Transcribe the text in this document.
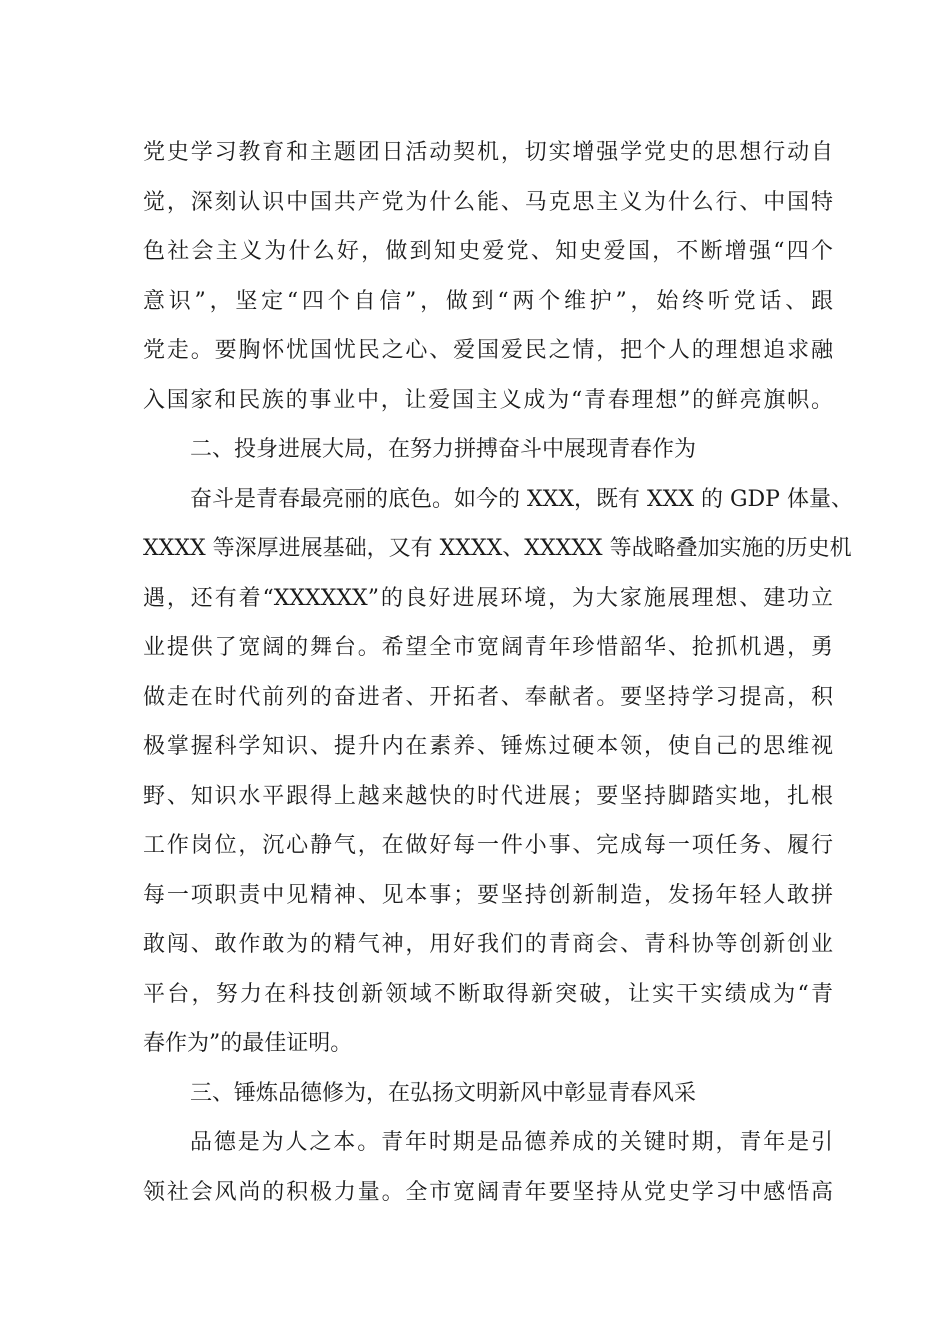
党史学习教育和主题团日活动契机，切实增强学党史的思想行动自
觉，深刻认识中国共产党为什么能、马克思主义为什么行、中国特
色社会主义为什么好，做到知史爱党、知史爱国，不断增强“四个
意识”，坚定“四个自信”，做到“两个维护”，始终听党话、跟
党走。要胸怀忧国忧民之心、爱国爱民之情，把个人的理想追求融
入国家和民族的事业中，让爱国主义成为“青春理想”的鲜亮旗帜。
二、投身进展大局，在努力拼搏奋斗中展现青春作为
奋斗是青春最亮丽的底色。如今的 XXX，既有 XXX 的 GDP 体量、
XXXX 等深厚进展基础，又有 XXXX、XXXXX 等战略叠加实施的历史机
遇，还有着“XXXXXX”的良好进展环境，为大家施展理想、建功立
业提供了宽阔的舞台。希望全市宽阔青年珍惜韶华、抢抓机遇，勇
做走在时代前列的奋进者、开拓者、奉献者。要坚持学习提高，积
极掌握科学知识、提升内在素养、锤炼过硬本领，使自己的思维视
野、知识水平跟得上越来越快的时代进展；要坚持脚踏实地，扎根
工作岗位，沉心静气，在做好每一件小事、完成每一项任务、履行
每一项职责中见精神、见本事；要坚持创新制造，发扬年轻人敢拼
敢闯、敢作敢为的精气神，用好我们的青商会、青科协等创新创业
平台，努力在科技创新领域不断取得新突破，让实干实绩成为“青
春作为”的最佳证明。
三、锤炼品德修为，在弘扬文明新风中彰显青春风采
品德是为人之本。青年时期是品德养成的关键时期，青年是引
领社会风尚的积极力量。全市宽阔青年要坚持从党史学习中感悟高
